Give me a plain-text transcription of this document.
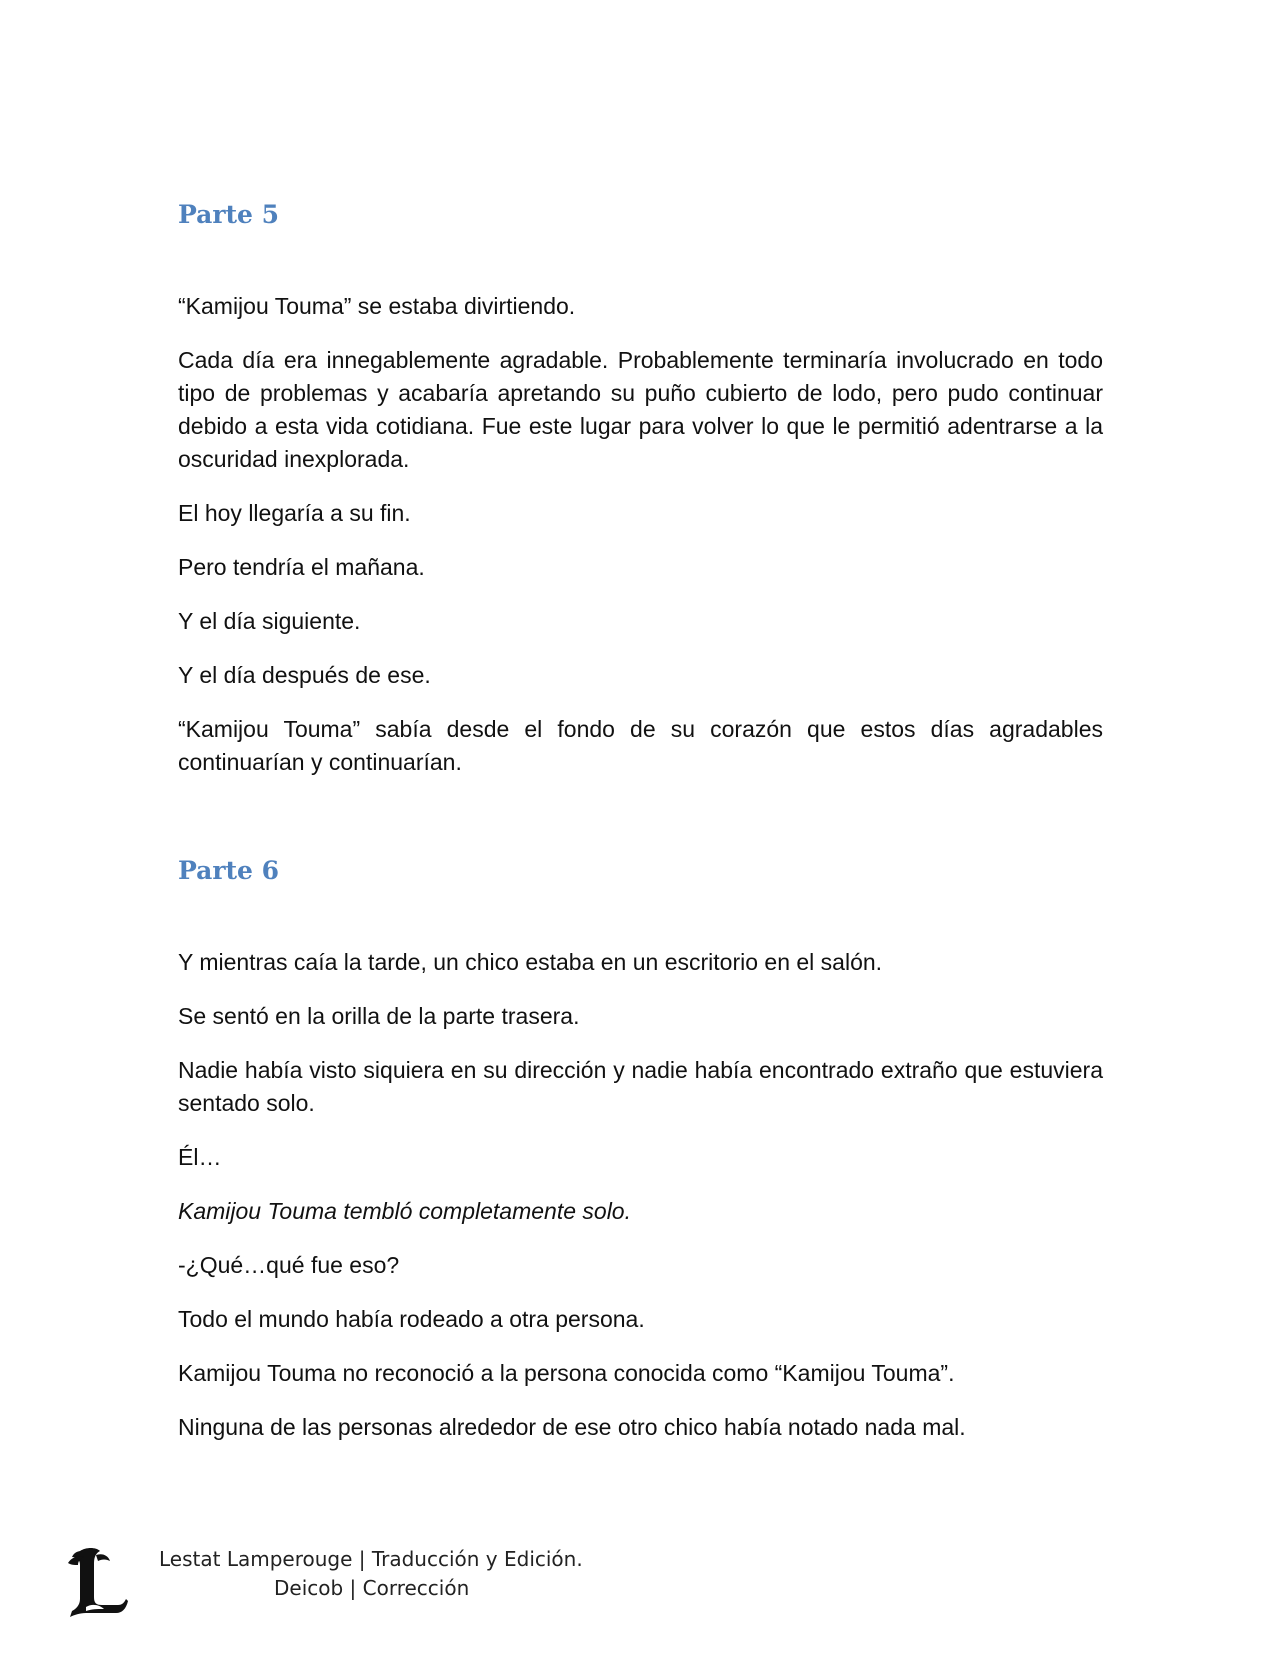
Parte 5

“Kamijou Touma” se estaba divirtiendo.

Cada día era innegablemente agradable. Probablemente terminaría involucrado en todo tipo de problemas y acabaría apretando su puño cubierto de lodo, pero pudo continuar debido a esta vida cotidiana. Fue este lugar para volver lo que le permitió adentrarse a la oscuridad inexplorada.

El hoy llegaría a su fin.

Pero tendría el mañana.

Y el día siguiente.

Y el día después de ese.

“Kamijou Touma” sabía desde el fondo de su corazón que estos días agradables continuarían y continuarían.

Parte 6

Y mientras caía la tarde, un chico estaba en un escritorio en el salón.

Se sentó en la orilla de la parte trasera.

Nadie había visto siquiera en su dirección y nadie había encontrado extraño que estuviera sentado solo.

Él…

Kamijou Touma tembló completamente solo.

-¿Qué…qué fue eso?

Todo el mundo había rodeado a otra persona.

Kamijou Touma no reconoció a la persona conocida como “Kamijou Touma”.

Ninguna de las personas alrededor de ese otro chico había notado nada mal.

Lestat Lamperouge | Traducción y Edición.
Deicob | Corrección
